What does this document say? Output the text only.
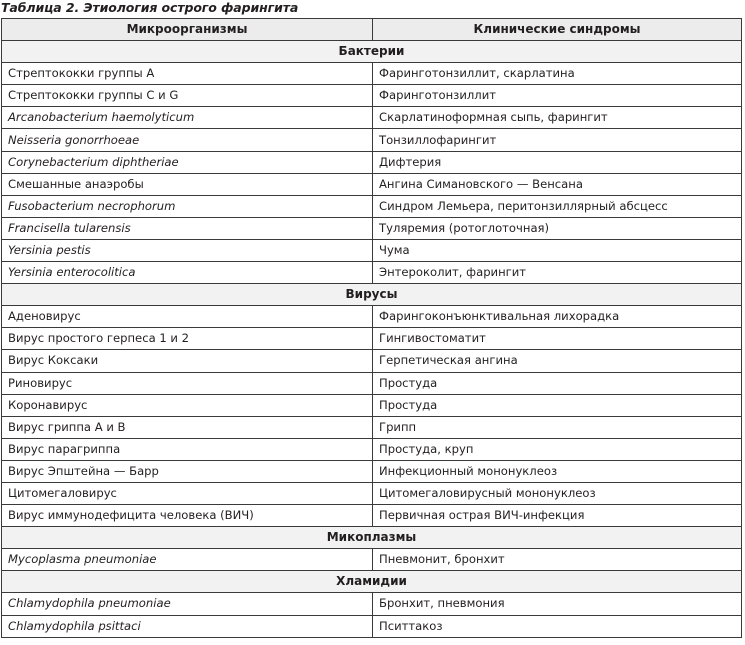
Таблица 2. Этиология острого фарингита
Микроорганизмы	Клинические синдромы
Бактерии	
Стрептококки группы А	Фаринготонзиллит, скарлатина
Стрептококки группы С и G	Фаринготонзиллит
Arcanobacterium haemolyticum	Скарлатиноформная сыпь, фарингит
Neisseria gonorrhoeae	Тонзиллофарингит
Corynebacterium diphtheriae	Дифтерия
Смешанные анаэробы	Ангина Симановского — Венсана
Fusobacterium necrophorum	Синдром Лемьера, перитонзиллярный абсцесс
Francisella tularensis	Туляремия (ротоглоточная)
Yersinia pestis	Чума
Yersinia enterocolitica	Энтероколит, фарингит
Вирусы	
Аденовирус	Фарингоконъюнктивальная лихорадка
Вирус простого герпеса 1 и 2	Гингивостоматит
Вирус Коксаки	Герпетическая ангина
Риновирус	Простуда
Коронавирус	Простуда
Вирус гриппа А и В	Грипп
Вирус парагриппа	Простуда, круп
Вирус Эпштейна — Барр	Инфекционный мононуклеоз
Цитомегаловирус	Цитомегаловирусный мононуклеоз
Вирус иммунодефицита человека (ВИЧ)	Первичная острая ВИЧ-инфекция
Микоплазмы	
Mycoplasma pneumoniae	Пневмонит, бронхит
Хламидии	
Chlamydophila pneumoniae	Бронхит, пневмония
Chlamydophila psittaci	Пситтакоз
